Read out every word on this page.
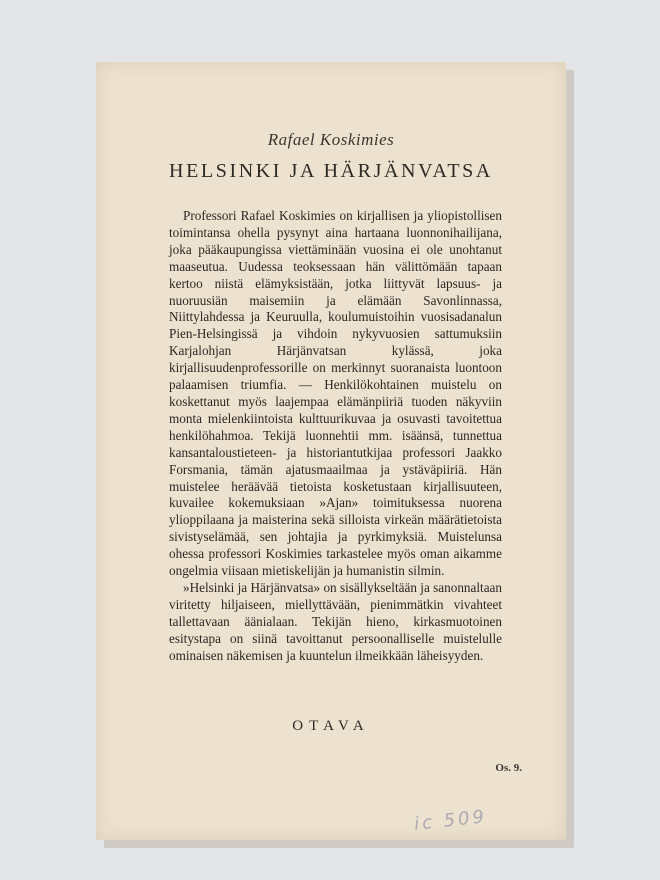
Rafael Koskimies
HELSINKI JA HÄRJÄNVATSA

Professori Rafael Koskimies on kirjallisen ja yliopistollisen toimintansa ohella pysynyt aina hartaana luonnonihailijana, joka pääkaupungissa viettäminään vuosina ei ole unohtanut maaseutua. Uudessa teoksessaan hän välittömään tapaan kertoo niistä elämyksistään, jotka liittyvät lapsuus- ja nuoruusiän maisemiin ja elämään Savonlinnassa, Niittylahdessa ja Keuruulla, koulumuistoihin vuosisadanalun Pien-Helsingissä ja vihdoin nykyvuosien sattumuksiin Karjalohjan Härjänvatsan kylässä, joka kirjallisuudenprofessorille on merkinnyt suoranaista luontoon palaamisen triumfia. — Henkilökohtainen muistelu on koskettanut myös laajempaa elämänpiiriä tuoden näkyviin monta mielenkiintoista kulttuurikuvaa ja osuvasti tavoitettua henkilöhahmoa. Tekijä luonnehtii mm. isäänsä, tunnettua kansantaloustieteen- ja historiantutkijaa professori Jaakko Forsmania, tämän ajatusmaailmaa ja ystäväpiiriä. Hän muistelee heräävää tietoista kosketustaan kirjallisuuteen, kuvailee kokemuksiaan »Ajan» toimituksessa nuorena ylioppilaana ja maisterina sekä silloista virkeän määrätietoista sivistyselämää, sen johtajia ja pyrkimyksiä. Muistelunsa ohessa professori Koskimies tarkastelee myös oman aikamme ongelmia viisaan mietiskelijän ja humanistin silmin.

»Helsinki ja Härjänvatsa» on sisällykseltään ja sanonnaltaan viritetty hiljaiseen, miellyttävään, pienimmätkin vivahteet tallettavaan äänialaan. Tekijän hieno, kirkasmuotoinen esitystapa on siinä tavoittanut persoonalliselle muistelulle ominaisen näkemisen ja kuuntelun ilmeikkään läheisyyden.

OTAVA
Os. 9.
ic 509
